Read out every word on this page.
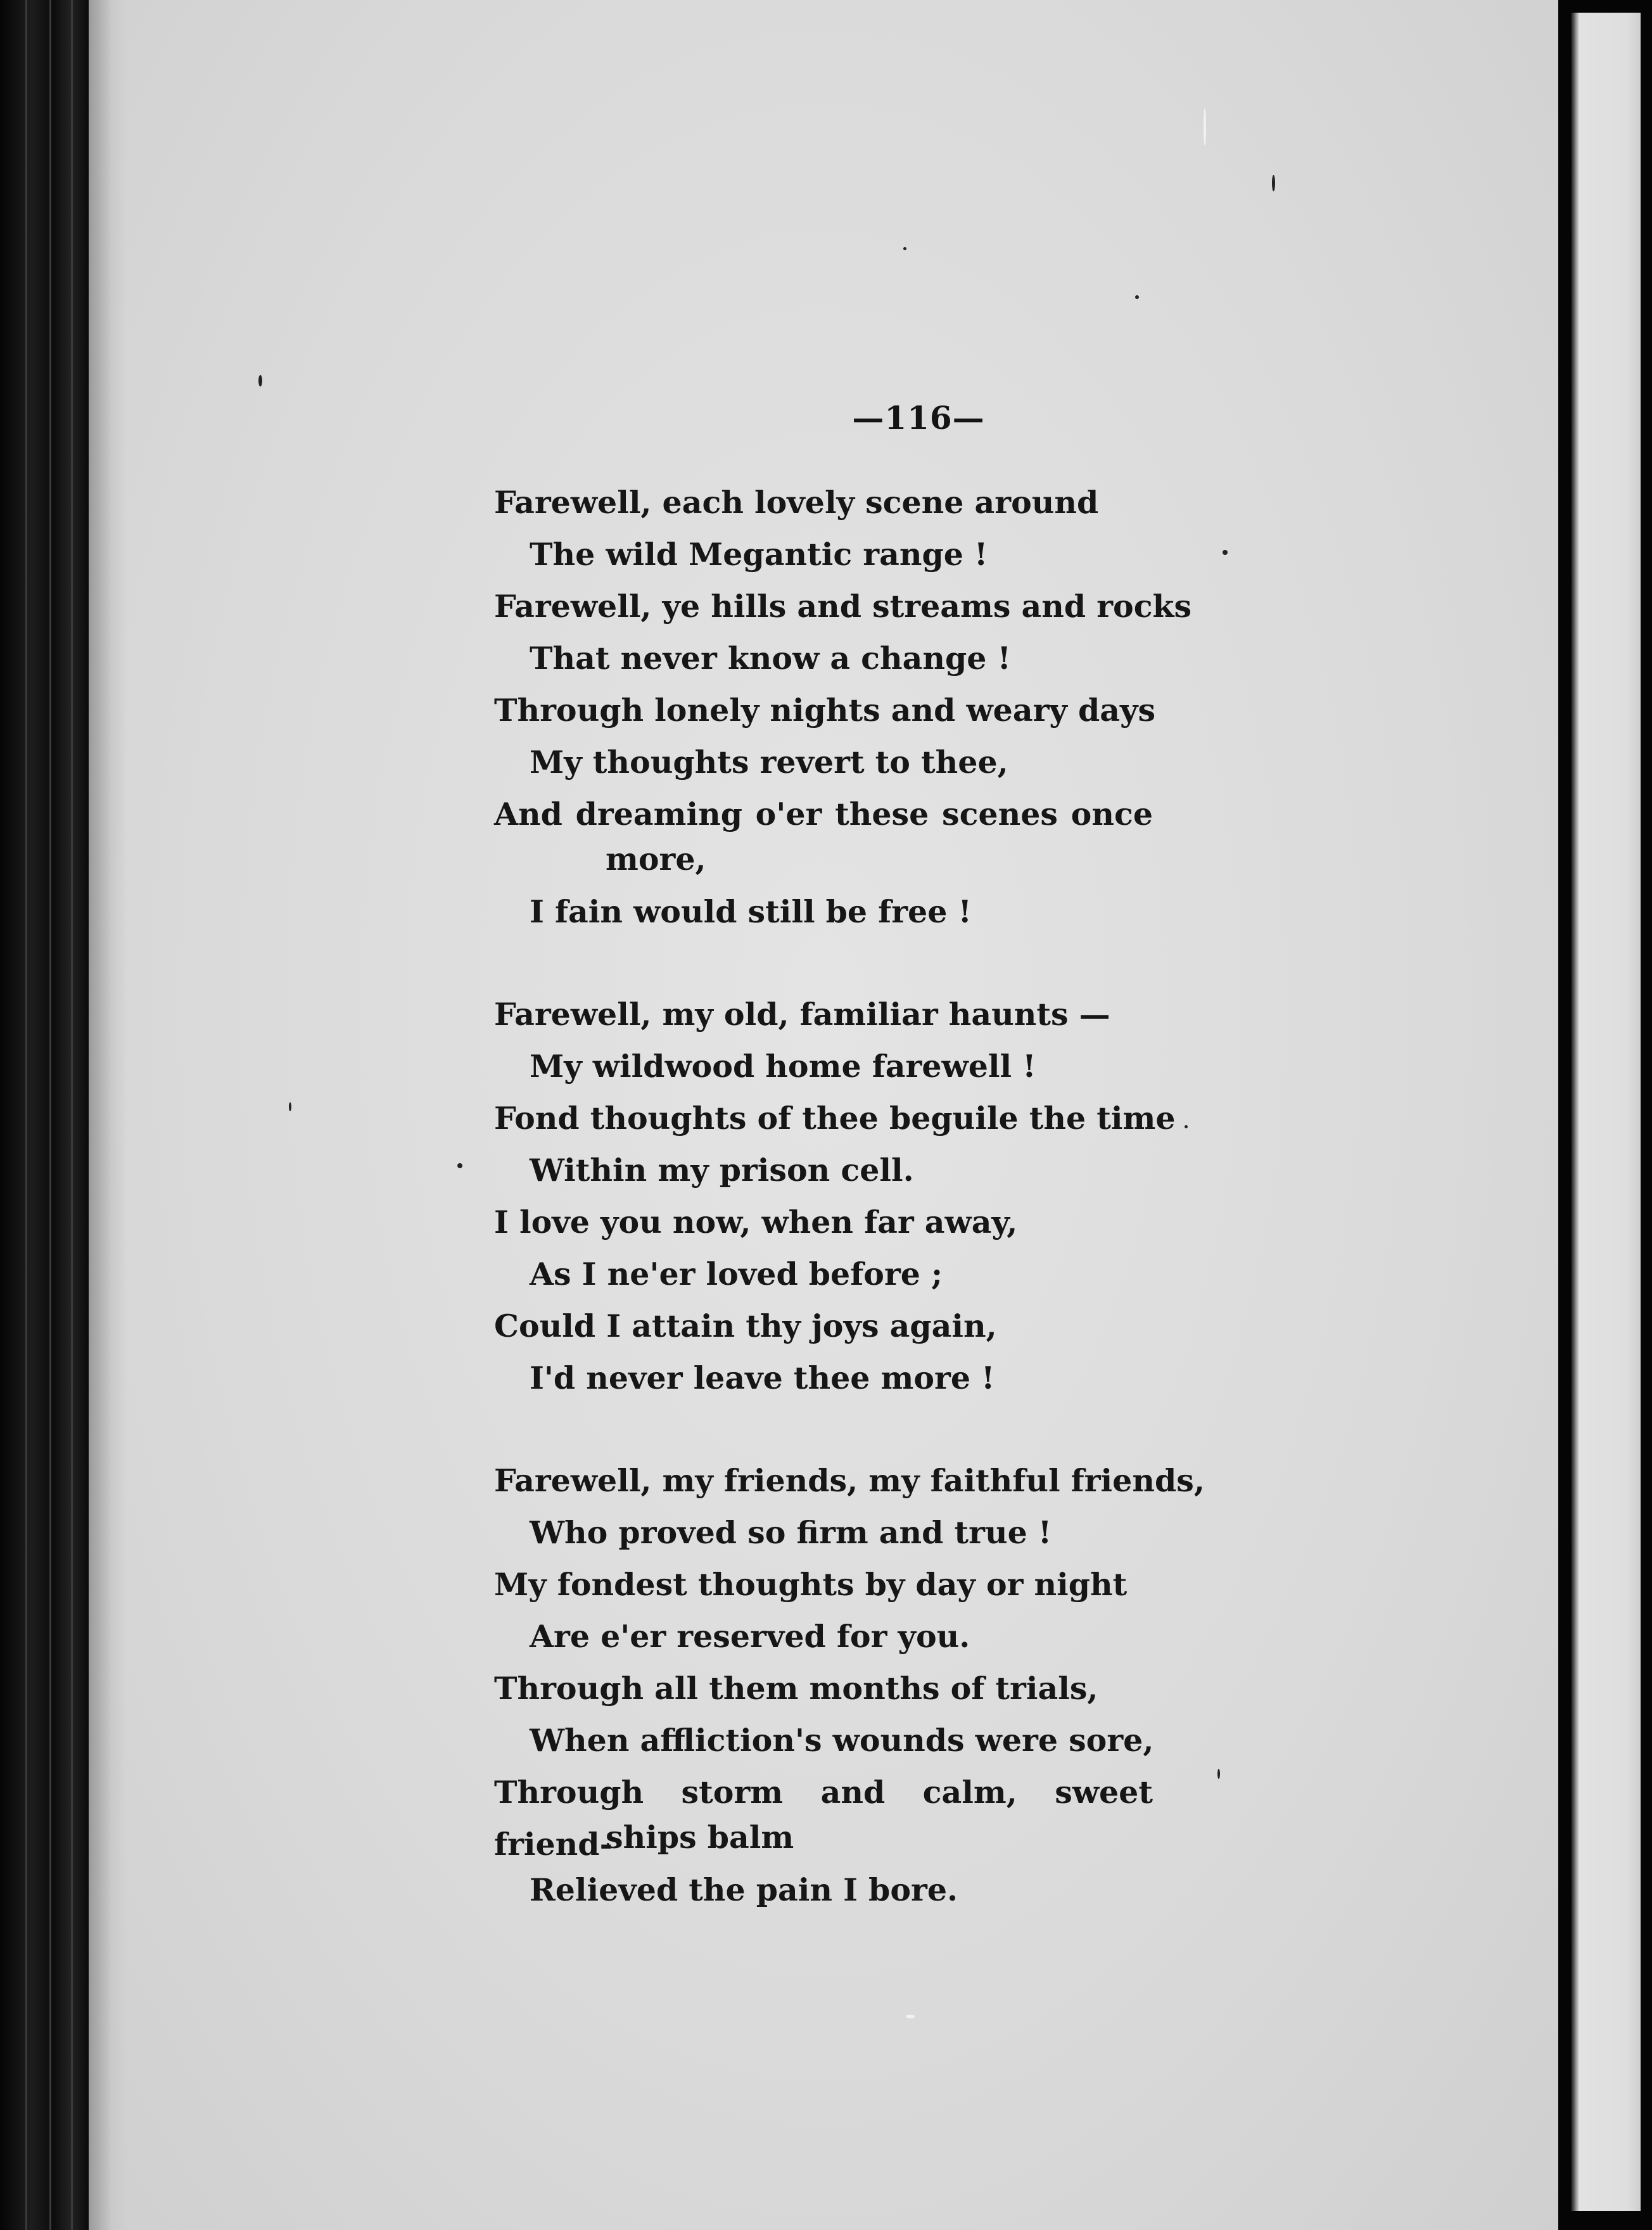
—116—
Farewell, each lovely scene around
The wild Megantic range !
Farewell, ye hills and streams and rocks
That never know a change !
Through lonely nights and weary days
My thoughts revert to thee,
And dreaming o'er these scenes once
more,
I fain would still be free !
Farewell, my old, familiar haunts —
My wildwood home farewell !
Fond thoughts of thee beguile the time
Within my prison cell.
I love you now, when far away,
As I ne'er loved before ;
Could I attain thy joys again,
I'd never leave thee more !
Farewell, my friends, my faithful friends,
Who proved so firm and true !
My fondest thoughts by day or night
Are e'er reserved for you.
Through all them months of trials,
When affliction's wounds were sore,
Through storm and calm, sweet friend-
ships balm
Relieved the pain I bore.
